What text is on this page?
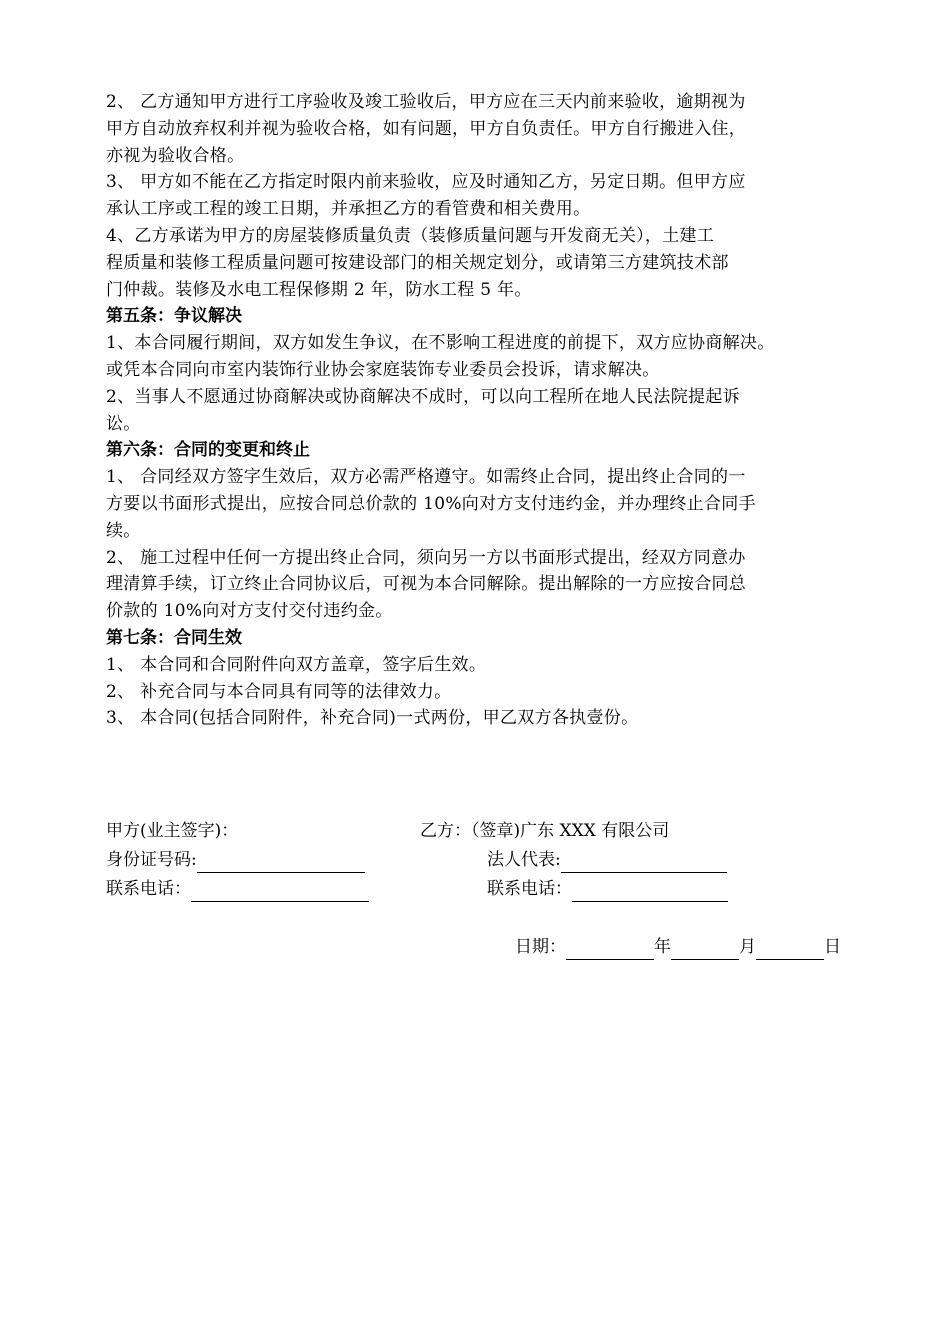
2、 乙方通知甲方进行工序验收及竣工验收后，甲方应在三天内前来验收，逾期视为
甲方自动放弃权利并视为验收合格，如有问题，甲方自负责任。甲方自行搬进入住，
亦视为验收合格。
3、 甲方如不能在乙方指定时限内前来验收，应及时通知乙方，另定日期。但甲方应
承认工序或工程的竣工日期，并承担乙方的看管费和相关费用。
4、乙方承诺为甲方的房屋装修质量负责（装修质量问题与开发商无关），土建工
程质量和装修工程质量问题可按建设部门的相关规定划分，或请第三方建筑技术部
门仲裁。装修及水电工程保修期 2 年，防水工程 5 年。
第五条：争议解决
1、本合同履行期间，双方如发生争议，在不影响工程进度的前提下，双方应协商解决。
或凭本合同向市室内装饰行业协会家庭装饰专业委员会投诉，请求解决。
2、当事人不愿通过协商解决或协商解决不成时，可以向工程所在地人民法院提起诉
讼。
第六条：合同的变更和终止
1、 合同经双方签字生效后，双方必需严格遵守。如需终止合同，提出终止合同的一
方要以书面形式提出，应按合同总价款的 10%向对方支付违约金，并办理终止合同手
续。
2、 施工过程中任何一方提出终止合同，须向另一方以书面形式提出，经双方同意办
理清算手续，订立终止合同协议后，可视为本合同解除。提出解除的一方应按合同总
价款的 10%向对方支付交付违约金。
第七条：合同生效
1、 本合同和合同附件向双方盖章，签字后生效。
2、 补充合同与本合同具有同等的法律效力。
3、 本合同(包括合同附件，补充合同)一式两份，甲乙双方各执壹份。
甲方(业主签字)：	乙方：（签章)广东 XXX 有限公司
身份证号码:	法人代表:
联系电话：	联系电话：
日期：	年	月	日
